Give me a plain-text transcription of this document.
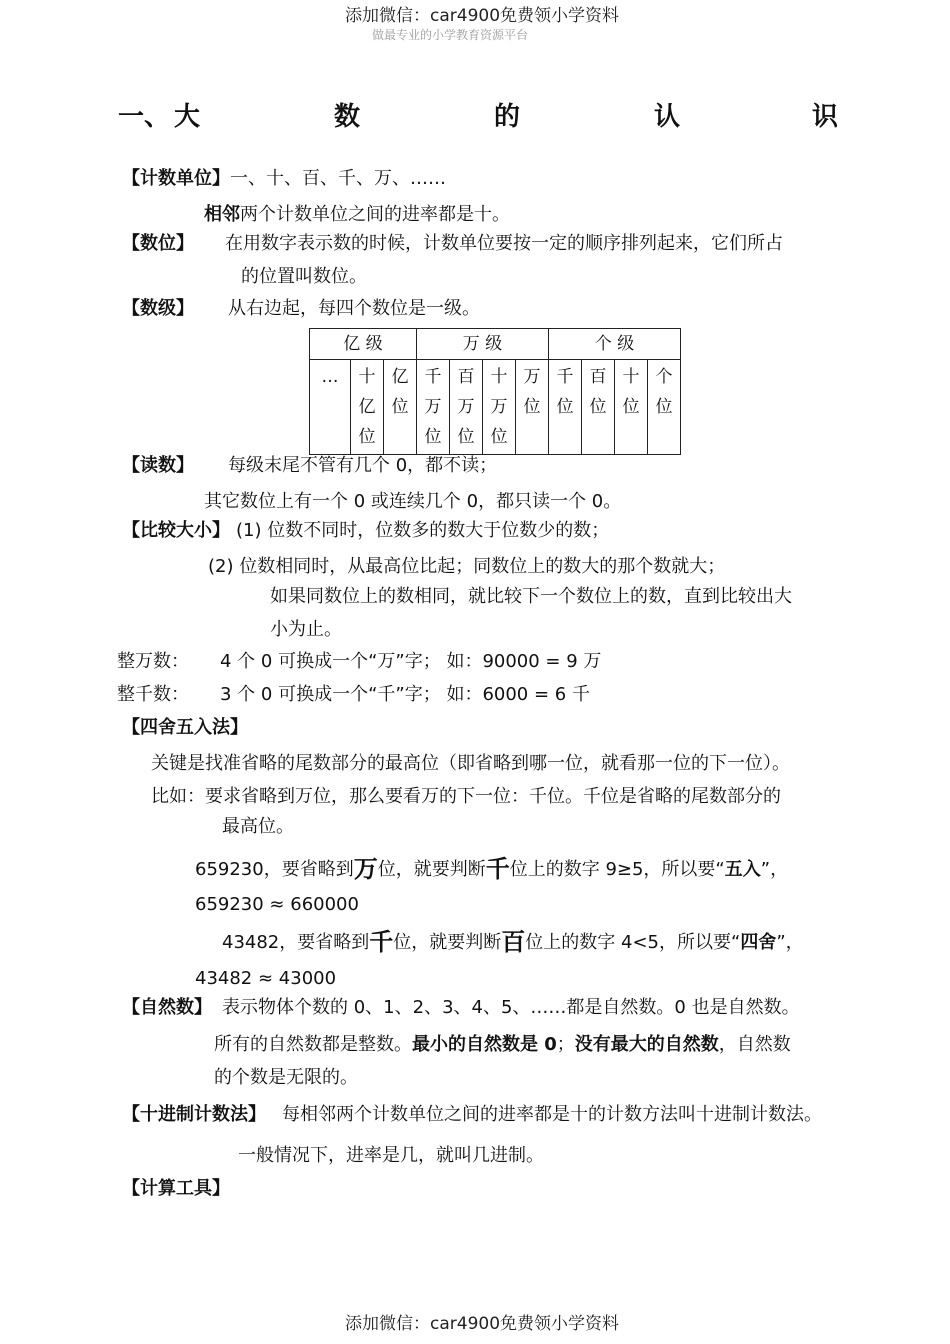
添加微信：car4900免费领小学资料
做最专业的小学教育资源平台
一、 大	数	的	认	识
【计数单位】一、十、百、千、万、……
相邻两个计数单位之间的进率都是十。
【数位】 在用数字表示数的时候，计数单位要按一定的顺序排列起来，它们所占
的位置叫数位。
【数级】 从右边起，每四个数位是一级。
亿 级			万 级				个 级			
…	十亿位	亿位	千万位	百万位	十万位	万位	千位	百位	十位	个位
【读数】 每级末尾不管有几个 0，都不读；
其它数位上有一个 0 或连续几个 0，都只读一个 0。
【比较大小】 (1) 位数不同时，位数多的数大于位数少的数；
(2) 位数相同时，从最高位比起；同数位上的数大的那个数就大；
如果同数位上的数相同，就比较下一个数位上的数，直到比较出大
小为止。
整万数： 4 个 0 可换成一个“万”字； 如：90000 = 9 万
整千数： 3 个 0 可换成一个“千”字； 如：6000 = 6 千
【四舍五入法】
关键是找准省略的尾数部分的最高位（即省略到哪一位，就看那一位的下一位）。
比如：要求省略到万位，那么要看万的下一位：千位。千位是省略的尾数部分的
最高位。
659230，要省略到万位，就要判断千位上的数字 9≥5，所以要“五入”，
659230 ≈ 660000
43482，要省略到千位，就要判断百位上的数字 4<5，所以要“四舍”，
43482 ≈ 43000
【自然数】 表示物体个数的 0、1、2、3、4、5、……都是自然数。0 也是自然数。
所有的自然数都是整数。最小的自然数是 0；没有最大的自然数，自然数
的个数是无限的。
【十进制计数法】 每相邻两个计数单位之间的进率都是十的计数方法叫十进制计数法。
一般情况下，进率是几，就叫几进制。
【计算工具】
添加微信：car4900免费领小学资料
